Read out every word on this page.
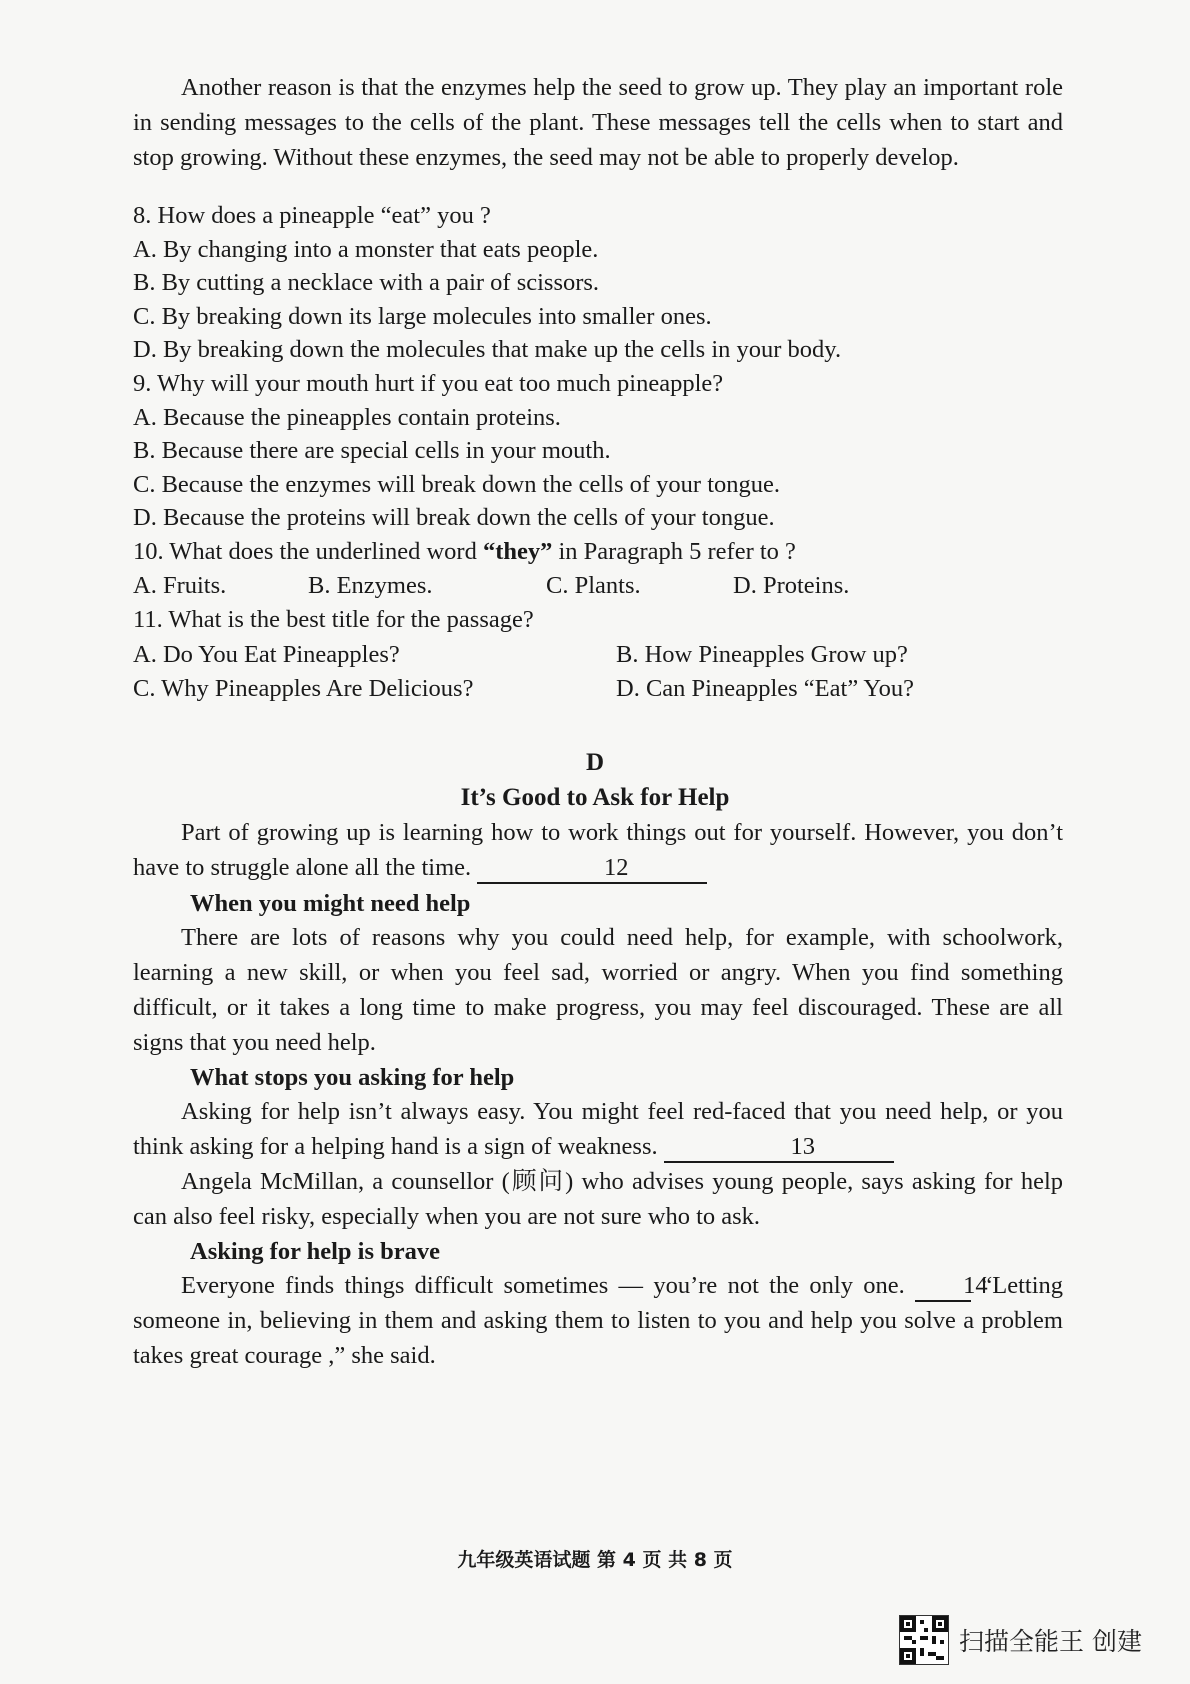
Another reason is that the enzymes help the seed to grow up. They play an important role in sending messages to the cells of the plant. These messages tell the cells when to start and stop growing. Without these enzymes, the seed may not be able to properly develop.

8. How does a pineapple “eat” you ?

A. By changing into a monster that eats people.

B. By cutting a necklace with a pair of scissors.

C. By breaking down its large molecules into smaller ones.

D. By breaking down the molecules that make up the cells in your body.

9. Why will your mouth hurt if you eat too much pineapple?

A. Because the pineapples contain proteins.

B. Because there are special cells in your mouth.

C. Because the enzymes will break down the cells of your tongue.

D. Because the proteins will break down the cells of your tongue.

10. What does the underlined word “they” in Paragraph 5 refer to ?

A. Fruits.	B. Enzymes.	C. Plants.	D. Proteins.

11. What is the best title for the passage?

A. Do You Eat Pineapples?	B. How Pineapples Grow up?

C. Why Pineapples Are Delicious?	D. Can Pineapples “Eat” You?

D
It’s Good to Ask for Help

Part of growing up is learning how to work things out for yourself. However, you don’t have to struggle alone all the time.	12

When you might need help

There are lots of reasons why you could need help, for example, with schoolwork, learning a new skill, or when you feel sad, worried or angry. When you find something difficult, or it takes a long time to make progress, you may feel discouraged. These are all signs that you need help.

What stops you asking for help

Asking for help isn’t always easy. You might feel red-faced that you need help, or you think asking for a helping hand is a sign of weakness.	13

Angela McMillan, a counsellor (顾问) who advises young people, says asking for help can also feel risky, especially when you are not sure who to ask.

Asking for help is brave

Everyone finds things difficult sometimes — you’re not the only one. 14 “Letting someone in, believing in them and asking them to listen to you and help you solve a problem takes great courage ,” she said.

九年级英语试题 第 4 页 共 8 页
扫描全能王 创建
